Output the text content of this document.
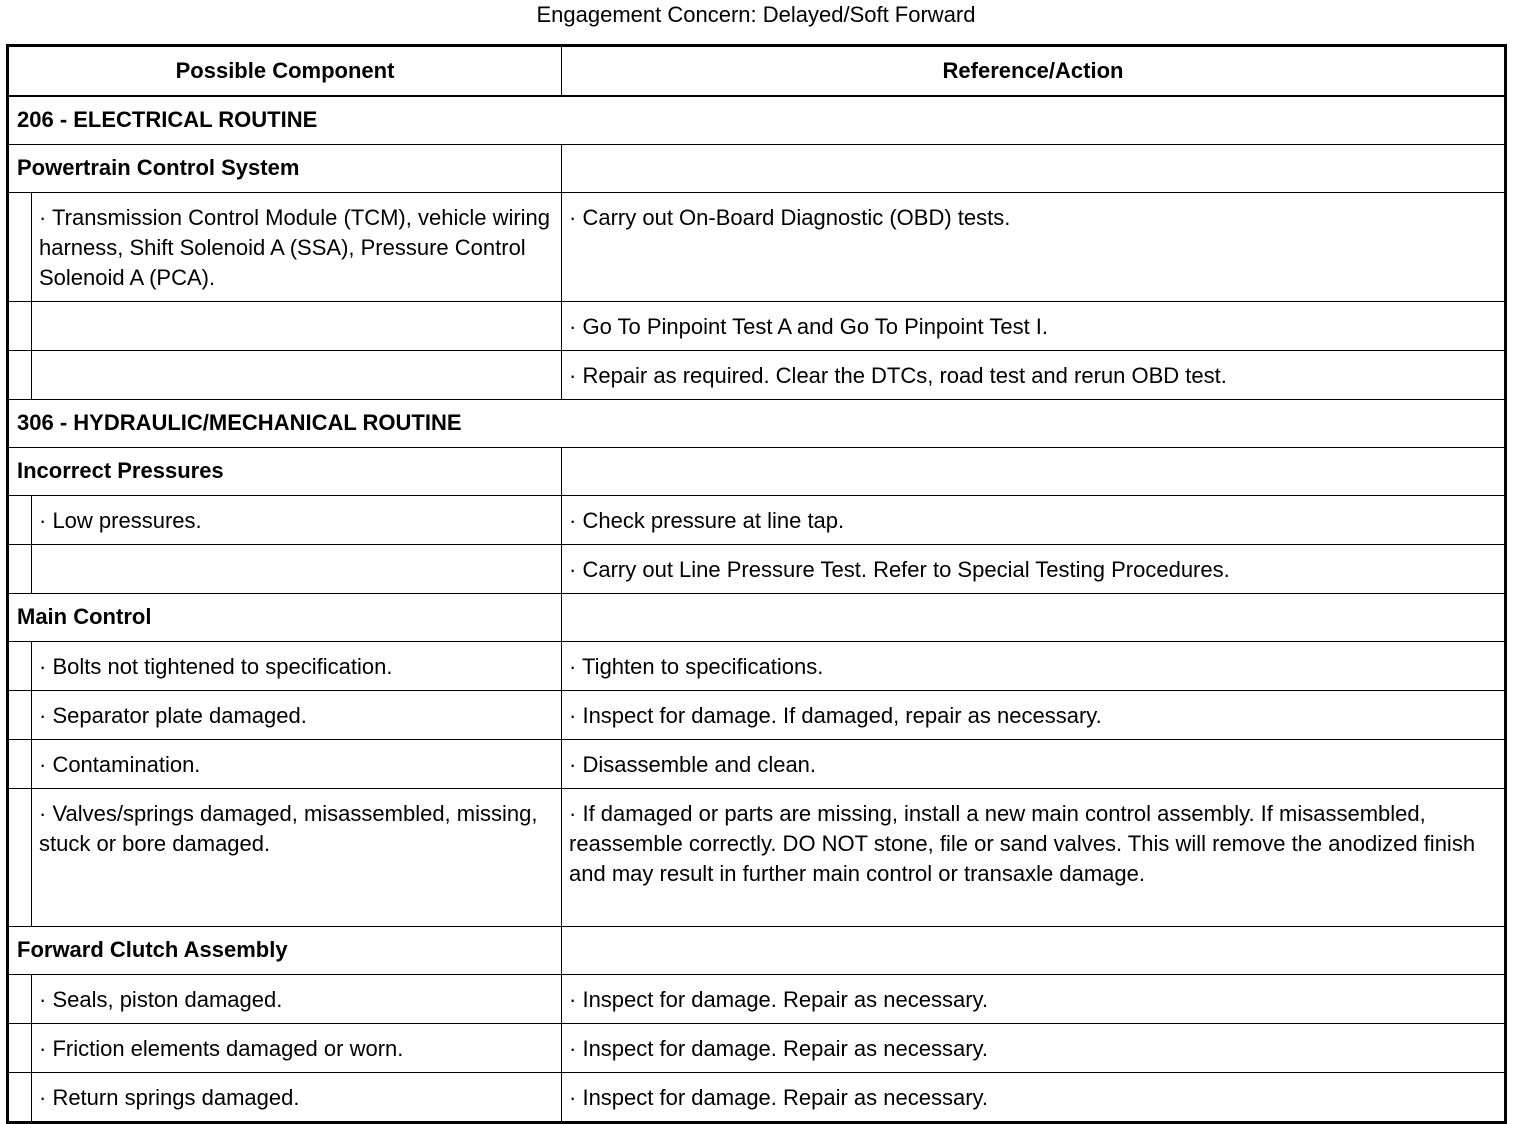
Engagement Concern: Delayed/Soft Forward
Possible Component		Reference/Action

206 - ELECTRICAL ROUTINE		

Powertrain Control System		

	· Transmission Control Module (TCM), vehicle wiring harness, Shift Solenoid A (SSA), Pressure Control Solenoid A (PCA).	· Carry out On-Board Diagnostic (OBD) tests.

		· Go To Pinpoint Test A and Go To Pinpoint Test I.

		· Repair as required. Clear the DTCs, road test and rerun OBD test.

306 - HYDRAULIC/MECHANICAL ROUTINE		

Incorrect Pressures		

	· Low pressures.	· Check pressure at line tap.

		· Carry out Line Pressure Test. Refer to Special Testing Procedures.

Main Control		

	· Bolts not tightened to specification.	· Tighten to specifications.

	· Separator plate damaged.	· Inspect for damage. If damaged, repair as necessary.

	· Contamination.	· Disassemble and clean.

	· Valves/springs damaged, misassembled, missing, stuck or bore damaged.	· If damaged or parts are missing, install a new main control assembly. If misassembled, reassemble correctly. DO NOT stone, file or sand valves. This will remove the anodized finish and may result in further main control or transaxle damage.

Forward Clutch Assembly		

	· Seals, piston damaged.	· Inspect for damage. Repair as necessary.

	· Friction elements damaged or worn.	· Inspect for damage. Repair as necessary.

	· Return springs damaged.	· Inspect for damage. Repair as necessary.
